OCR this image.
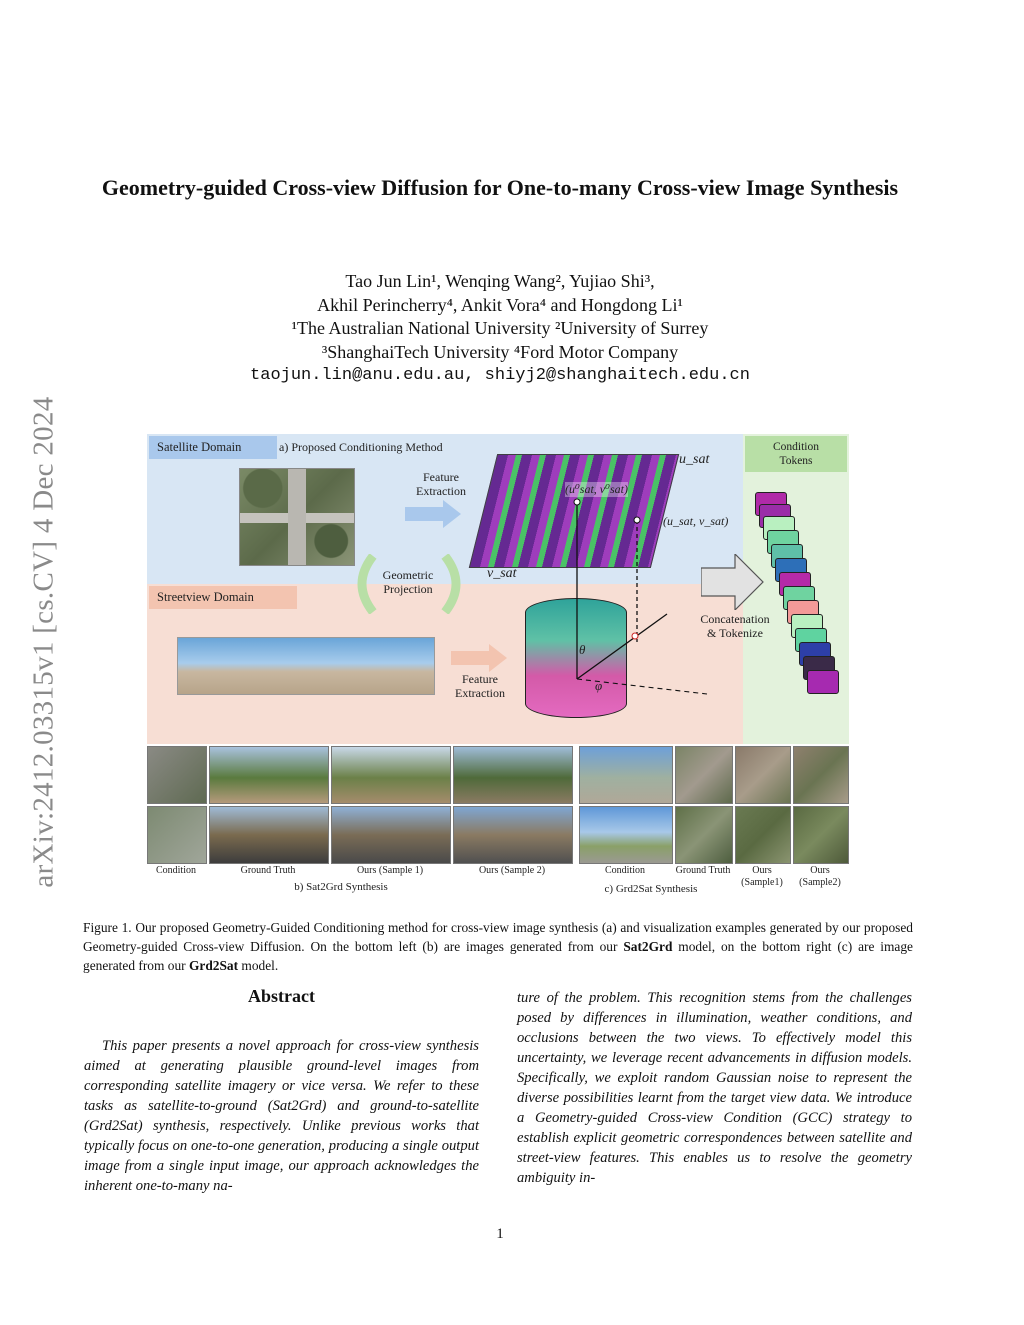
arXiv:2412.03315v1 [cs.CV] 4 Dec 2024
Geometry-guided Cross-view Diffusion for One-to-many Cross-view Image Synthesis
Tao Jun Lin¹, Wenqing Wang², Yujiao Shi³,
Akhil Perincherry⁴, Ankit Vora⁴ and Hongdong Li¹
¹The Australian National University ²University of Surrey
³ShanghaiTech University ⁴Ford Motor Company
taojun.lin@anu.edu.au, shiyj2@shanghaitech.edu.cn
Satellite Domain	a) Proposed Conditioning Method
Feature
Extraction
u_sat
v_sat
(u⁰sat, v⁰sat)
(u_sat, v_sat)
Geometric
Projection
Streetview Domain
Feature
Extraction
θ
φ
Concatenation
& Tokenize
Condition
Tokens
Condition	Ground Truth	Ours (Sample 1)	Ours (Sample 2)
b) Sat2Grd Synthesis
Condition	Ground Truth	Ours
(Sample1)
Ours
(Sample2)
c) Grd2Sat Synthesis
Figure 1. Our proposed Geometry-Guided Conditioning method for cross-view image synthesis (a) and visualization examples generated by our proposed Geometry-guided Cross-view Diffusion. On the bottom left (b) are images generated from our Sat2Grd model, on the bottom right (c) are image generated from our Grd2Sat model.
Abstract
This paper presents a novel approach for cross-view synthesis aimed at generating plausible ground-level images from corresponding satellite imagery or vice versa. We refer to these tasks as satellite-to-ground (Sat2Grd) and ground-to-satellite (Grd2Sat) synthesis, respectively. Unlike previous works that typically focus on one-to-one generation, producing a single output image from a single input image, our approach acknowledges the inherent one-to-many na-
ture of the problem. This recognition stems from the challenges posed by differences in illumination, weather conditions, and occlusions between the two views. To effectively model this uncertainty, we leverage recent advancements in diffusion models. Specifically, we exploit random Gaussian noise to represent the diverse possibilities learnt from the target view data. We introduce a Geometry-guided Cross-view Condition (GCC) strategy to establish explicit geometric correspondences between satellite and street-view features. This enables us to resolve the geometry ambiguity in-
1
